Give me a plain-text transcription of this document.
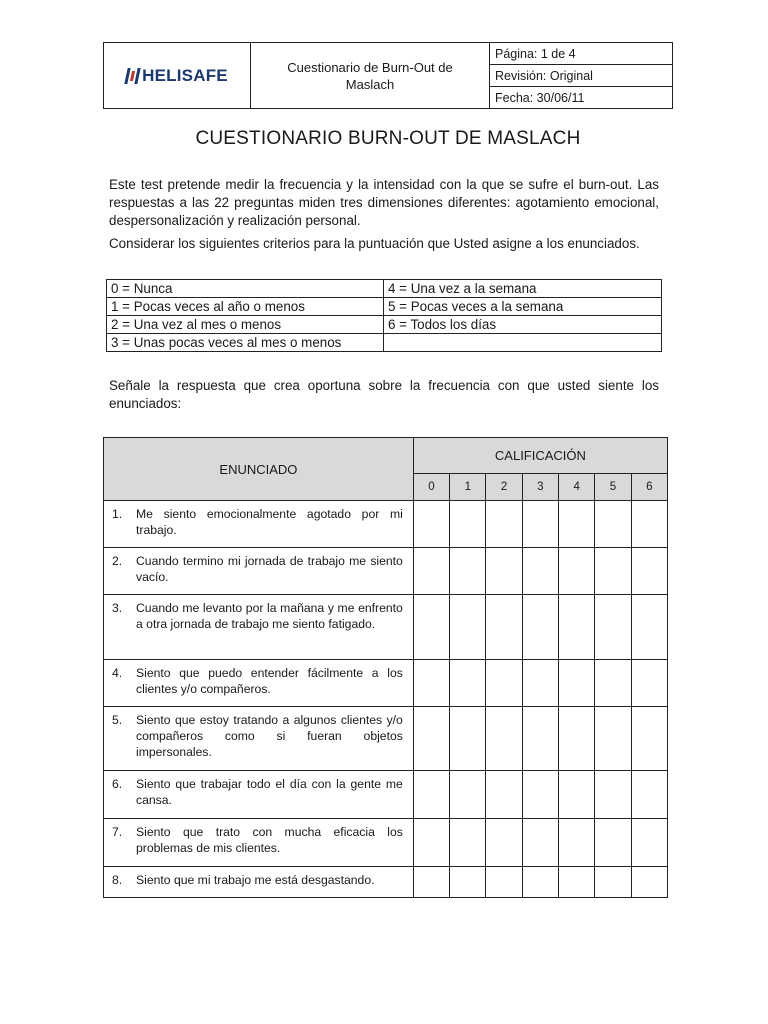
HELISAFE	Cuestionario de Burn-Out de Maslach
Página: 1 de 4
Revisión: Original
Fecha: 30/06/11
CUESTIONARIO BURN-OUT DE MASLACH

Este test pretende medir la frecuencia y la intensidad con la que se sufre el burn-out. Las respuestas a las 22 preguntas miden tres dimensiones diferentes: agotamiento emocional, despersonalización y realización personal.

Considerar los siguientes criterios para la puntuación que Usted asigne a los enunciados.

0 = Nunca	4 = Una vez a la semana
1 = Pocas veces al año o menos	5 = Pocas veces a la semana
2 = Una vez al mes o menos	6 = Todos los días
3 = Unas pocas veces al mes o menos	

Señale la respuesta que crea oportuna sobre la frecuencia con que usted siente los enunciados:

ENUNCIADO	CALIFICACIÓN						
	0	1	2	3	4	5	6

1. Me siento emocionalmente agotado por mi trabajo.							

2. Cuando termino mi jornada de trabajo me siento vacío.							

3. Cuando me levanto por la mañana y me enfrento a otra jornada de trabajo me siento fatigado.							

4. Siento que puedo entender fácilmente a los clientes y/o compañeros.							

5. Siento que estoy tratando a algunos clientes y/o compañeros como si fueran objetos impersonales.							

6. Siento que trabajar todo el día con la gente me cansa.							

7. Siento que trato con mucha eficacia los problemas de mis clientes.							

8. Siento que mi trabajo me está desgastando.							
